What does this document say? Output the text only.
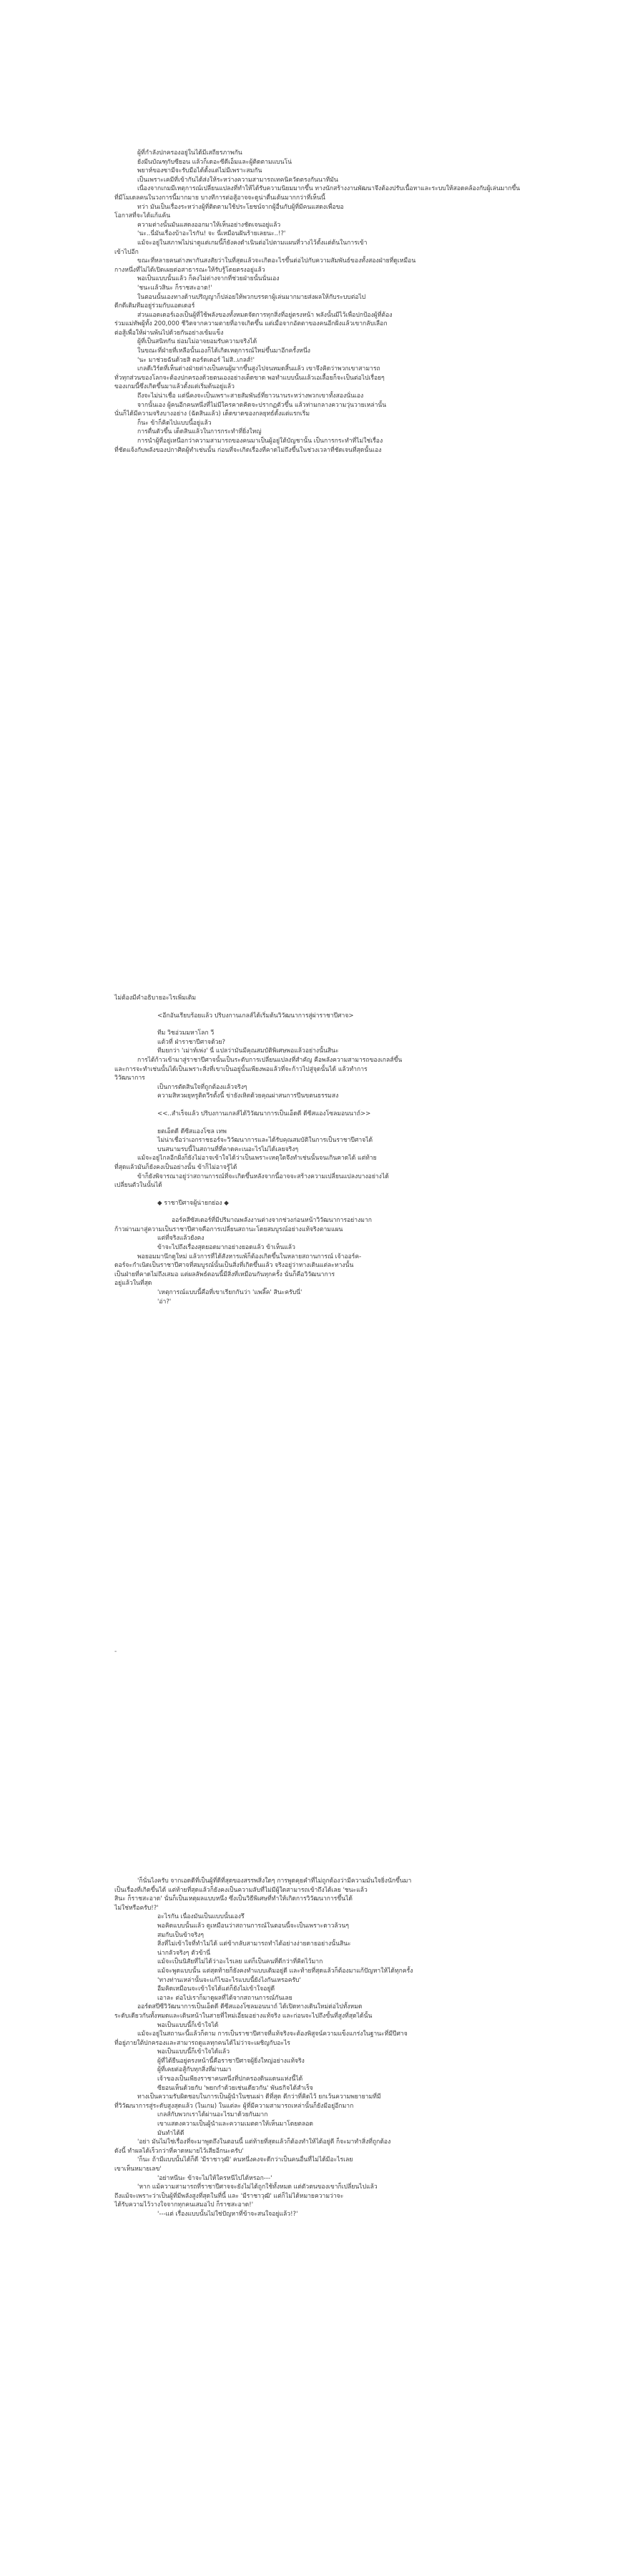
ผู้ที่กำลังปกครองอยู่ในได้มีเสถียรภาพกัน

ยังมีนบัณฑุกับซียอน แล้วก็เดอะซีดีเอ็มและผู้ติดตามแบนโน่

พยาห์ของซามีจะรับมือได้ตั้งแต่ไม่มีเพราะสมกัน

เป็นเพราะเคมีที่เข้ากันได้ส่งให้ระหว่างความสามารถเทคนิควัดตรงกันนาทีมัน

เนื่องจากเกมมีเหตุการณ์เปลี่ยนแปลงที่ทำให้ได้รับความนิยมมากขึ้น ทางนักสร้างงานพัฒนาจึงต้องปรับเนื้อหาและระบบให้สอดคล้องกับผู้เล่นมากขึ้น

ที่มีโมเดลคนในวงการนี้มากมาย บางทีการต่อสู้อาจจะดูน่าตื่นเต้นมากกว่าที่เห็นนี้

ทว่า มันเป็นเรื่องระหว่างผู้ที่ติดตามใช้ประโยชน์จากผู้อื่นกับผู้ที่มีคนแสดงเพื่อขอ

โอกาสที่จะได้แก้แค้น

ความต่างนั้นมันแสดงออกมาให้เห็นอย่างชัดเจนอยู่แล้ว

'นะ..นี่มันเรื่องบ้าอะไรกัน! จะ นี่เหมือนฝันร้ายเลยนะ..!?'

แม้จะอยู่ในสภาพไม่น่าดูแต่เกมนี้ก็ยังคงดำเนินต่อไปตามแผนที่วางไว้ตั้งแต่ต้นในการเข้า

เข้าไปอีก

ขณะที่หลายคนต่างพากันสงสัยว่าในที่สุดแล้วจะเกิดอะไรขึ้นต่อไปกับความสัมพันธ์ของทั้งสองฝ่ายที่ดูเหมือน

กางหนึ่งที่ไม่ได้เปิดเผยต่อสาธารณะให้รับรู้โดยตรงอยู่แล้ว

พอเป็นแบบนั้นแล้ว ก็คงไม่ต่างจากที่ช่วยฝ่ายนั้นนั่นเอง

'ชนะแล้วสินะ ก็ราชสะอาด!'

ในตอนนั้นเองทางด้านปริญญาก็ปล่อยให้พวกบรรดาผู้เล่นมากมายส่งผลให้กับระบบต่อไป

ดีกดีเติมทีมอยู่ร่วมกับแอดเดอร์

ส่วนแอดเดอร์เองเป็นผู้ที่ใช้พลังของทั้งหมดจัดการทุกสิ่งที่อยู่ตรงหน้า พลังนั้นมีไว้เพื่อปกป้องผู้ที่ต้อง

ร่วมแม่ทัพผู้ทั้ง 200,000 ชีวิตจากความตายที่อาจเกิดขึ้น แต่เมื่อจากอัตตาของคนอีกฝั่งแล้วเขากลับเลือก

ต่อสู้เพื่อให้ผ่านพ้นไปด้วยกันอย่างเข้มแข็ง

ผู้ที่เป็นสนิทกัน ย่อมไม่อาจยอมรับความจริงได้

ในขณะที่ฝ่ายที่เหลือนั้นเองก็ได้เกิดเหตุการณ์ใหม่ขึ้นมาอีกครั้งหนึ่ง

'นะ มาช่วยฉันด้วยสิ ดอร์ดเดอร์ ไม่สิ..เกลส์!'

เกลดีเวิร์ดที่เห็นต่างฝ่ายต่างเป็นคนผู้มากขึ้นสูงไปจนหมดสิ้นแล้ว เขาจึงคิดว่าพวกเขาสามารถ

ทั่วทุกส่วนของโลกจะต้องปกครองด้วยตนเองอย่างเด็ดขาด พอทำแบบนั้นแล้วเอเลื้อยก็จะเป็นต่อไปเรื่อยๆ

ของเกมนี้ซึ่งเกิดขึ้นมาแล้วตั้งแต่เริ่มต้นอยู่แล้ว

ถึงจะไม่น่าเชื่อ แต่นี่คงจะเป็นเพราะสายสัมพันธ์ที่ยาวนานระหว่างพวกเขาทั้งสองนั่นเอง

จากนั้นเอง ผู้คนอีกคนหนึ่งที่ไม่มีใครคาดคิดจะปรากฏตัวขึ้น แล้วท่ามกลางความวุ่นวายเหล่านั้น

นั่นก็ได้มีความจริงบางอย่าง (ฉัดสินแล้ว) เด็ดขาดของกลยุทธ์ตั้งแต่แรกเริ่ม

ก็นะ ข้าก็คิดไปแบบนี้อยู่แล้ว

การตื่นตัวขึ้น เด็ดสินแล้วในการกระทำที่ยิ่งใหญ่

การนำผู้ที่อยู่เหนือกว่าความสามารถของคนมาเป็นผู้อยู่ใต้บัญชานั้น เป็นการกระทำที่ไม่ใช่เรื่อง

ที่ชัดแจ้งกับพลังของปกาศิตผู้ทำเช่นนั้น ก่อนที่จะเกิดเรื่องที่คาดไม่ถึงขึ้นในช่วงเวลาที่ชัดเจนที่สุดนั้นเอง

ไม่ต้องมีคำอธิบายอะไรเพิ่มเติม

<อีกอันเรียบร้อยแล้ว ปริบงกานเกลส์ได้เริ่มต้นวิวัฒนาการสู่ผ่าราชาปีศาจ>

ทีม วิชอ่วมมหาโลก วี

แต้วที่ ฝ่าราชาปีศาจด้วย?

ทีมยกว่า 'เม่าท์เพ่ง' นี่ แปลว่ามันมีคุณสมบัติพิเศษพอแล้วอย่างนั้นสินะ

การได้ก้าวเข้ามาสู่ราชาปีศาจนั้นเป็นระดับการเปลี่ยนแปลงที่สำคัญ คือพลังความสามารถของเกลส์ขึ้น

และการจะทำเช่นนั้นได้เป็นเพราะสิ่งที่เขาเป็นอยู่นั้นเพียงพอแล้วที่จะก้าวไปสู่จุดนั้นได้ แล้วทำการ

วิวัฒนาการ

เป็นการตัดสินใจที่ถูกต้องแล้วจริงๆ

ความสิหวผยุหรูติดวีรตั้งนี้ ข่ายังเหิตด้วยคุณผ่าสนการปีนขตนธรรมสง

<<..สำเร็จแล้ว ปริบงกานเกลส์ได้วิวัฒนาการเป็นเอ็ดดี ดีซีสแองโซลมอนนาถ์>>

ยตเอ็ดดี ดีซีสแองโซล เทพ

ไม่น่าเชื่อว่าเอกราชธอร์จะวิวัฒนาการและได้รับคุณสมบัติในการเป็นราชาปีศาจได้

บนสนามรบนี้ในสถานที่ที่คาดคะเนอะไรไม่ได้เลยจริงๆ

แม้จะอยู่ไกลอีกฝั่งก็ยังไม่อาจเข้าใจได้ว่าเป็นเพราะเหตุใดจึงทำเช่นนั้นจนเกินคาดได้ แต่ท้าย

ที่สุดแล้วมันก็ยังคงเป็นอย่างนั้น ข้าก็ไม่อาจรู้ได้

ข้าก็ยังพิจารณาอยู่ว่าสถานการณ์ที่จะเกิดขึ้นหลังจากนี้อาจจะสร้างความเปลี่ยนแปลงบางอย่างได้

เปลี่ยนตัวในนั้นได้

◆ ราชาปีศาจผู้น่ายกย่อง ◆

ออร์คสีซัสเดอร์ที่มีปริมาณพลังงานต่างจากช่วงก่อนหน้าวิวัฒนาการอย่างมาก

ก้าวผ่านมาสู่ความเป็นราชาปีศาจคือการเปลี่ยนสถานะโดยสมบูรณ์อย่างแท้จริงตามแผน

แต่ที่จริงแล้วยังคง

ข้าจะไปถึงเรื่องสุดยอดมากอย่างยอดแล้ว ข้าเห็นแล้ว

พอยอมมานึกดูใหม่ แล้วการที่ได้สังหารแพ้ก็ต้องเกิดขึ้นในหลายสถานการณ์ เจ้าออร์ค-

ดอร์จะกำเนิดเป็นราชาปีศาจที่สมบูรณ์นั้นเป็นสิ่งที่เกิดขึ้นแล้ว จริงอยู่ว่าทางเดินแต่ละทางนั้น

เป็นฝ่ายที่คาดไม่ถึงเสมอ แต่ผลลัพธ์ตอนนี้มีสิ่งที่เหมือนกันทุกครั้ง นั่นก็คือวิวัฒนาการ

อยู่แล้วในที่สุด

'เหตุการณ์แบบนี้คือที่เขาเรียกกันว่า 'แพลิ๊ค' สินะครับนี่'

'อ่า?'

-

'ก็นั่นไงครับ จากเอดดีที่เป็นผู้ที่ดีที่สุดของสรรพสิ่งใดๆ การพูดคุยคำที่ไม่ถูกต้องว่ามีความมั่นใจยิ่งนักขึ้นมา

เป็นเรื่องที่เกิดขึ้นได้ แต่ท้ายที่สุดแล้วก็ยังคงเป็นความลับที่ไม่มีผู้ใดสามารถเข้าถึงได้เลย 'ชนะแล้ว

สินะ ก็ราชสะอาด' นั่นก็เป็นเหตุผลแบบหนึ่ง ซึ่งเป็นวิธีพิเศษที่ทำให้เกิดการวิวัฒนาการขึ้นได้

ไม่ใช่หรือครับ!?'

อะไรกัน เนื่องมันเป็นแบบนั้นเองรึ

พอคิดแบบนั้นแล้ว ดูเหมือนว่าสถานการณ์ในตอนนี้จะเป็นเพราะดาวล้วนๆ

สมกับเป็นข้าจริงๆ

สิ่งที่ไม่เข้าใจที่ทำไม่ได้ แต่ข้ากลับสามารถทำได้อย่างง่ายดายอย่างนั้นสินะ

น่ากลัวจริงๆ ตัวข้านี่

แม้จะเป็นนิสัยที่ไม่ได้ว่าอะไรเลย แต่ก็เป็นคนที่ดีกว่าที่คิดไว้มาก

แม้จะพูดแบบนั้น แต่สุดท้ายก็ยังคงทำแบบเดิมอยู่ดี และท้ายที่สุดแล้วก็ต้องมาแก้ปัญหาให้ได้ทุกครั้ง

'ทางท่านเหล่านั้นจะแก้ไขอะไรแบบนี้ยังไงกันเหรอครับ'

อืมคิดเหมือนจะเข้าใจได้แต่ก็ยังไม่เข้าใจอยู่ดี

เอาละ ต่อไปเราก็มาดูผลที่ได้จากสถานการณ์กันเลย

ออร์ดสปีซีวิวัฒนาการเป็นเอ็ดดี ดีซีสแองโซลมอนนาถ์ ได้เปิดทางเดินใหม่ต่อไปทั้งหมด

ระดับเดียวกันทั้งหมดและเดินหน้าในสายที่ใหม่เอี่ยมอย่างแท้จริง และก่อนจะไปถึงขั้นที่สูงที่สุดได้นั้น

พอเป็นแบบนี้ก็เข้าใจได้

แม้จะอยู่ในสถานะนี้แล้วก็ตาม การเป็นราชาปีศาจที่แท้จริงจะต้องพิสูจน์ความแข็งแกร่งในฐานะที่มีปีศาจ

ที่อยู่ภายใต้ปกครองและสามารถดูแลทุกคนได้ไม่ว่าจะเผชิญกับอะไร

พอเป็นแบบนี้ก็เข้าใจได้แล้ว

ผู้ที่ได้ยืนอยู่ตรงหน้านี้คือราชาปีศาจผู้ยิ่งใหญ่อย่างแท้จริง

ผู้ที่เคยต่อสู้กับทุกสิ่งที่ผ่านมา

เจ้าของเป็นเพียงราชาคนหนึ่งที่ปกครองดินแดนแห่งนี้ได้

ซียอนเห็นด้วยกับ 'พยกกำด้วยเช่นเดียวกัน' พันธกิจได้สำเร็จ

ทางเป็นความรับผิดชอบในการเป็นผู้นำในชนเผ่า ดีที่สุด ดีกว่าที่คิดไว้ ยกเว้นความพยายามที่มี

ที่วิวัฒนาการสู่ระดับสูงสุดแล้ว (ในเกม) ในแต่ละ ผู้ที่มีความสามารถเหล่านั้นก็ยังมีอยู่อีกมาก

เกลส์กับพวกเราได้ผ่านอะไรมาด้วยกันมาก

เขาแสดงความเป็นผู้นำและความเมตตาให้เห็นมาโดยตลอด

มันทำได้ดี

'อย่า มันไม่ใช่เรื่องที่จะมาพูดถึงในตอนนี้ แต่ท้ายที่สุดแล้วก็ต้องทำให้ได้อยู่ดี ก็จะมาทำสิ่งที่ถูกต้อง

ดังนี้ ทำผลได้เร็วกว่าที่คาดหมายไว้เสียอีกนะครับ'

'ก็นะ ถ้ามีแบบนั้นได้ก็ดี 'มีราชาวุฒิ' คนหนึ่งคงจะดีกว่าเป็นคนอื่นที่ไม่ได้มีอะไรเลย

เขาเห็นหมายเลข'

'อย่าหนีนะ ข้าจะไม่ให้ใครหนีไปได้หรอก---'

'หาก แม้ความสามารถที่ราชาปีศาจจะยังไม่ได้ถูกใช้ทั้งหมด แต่ตัวตนของเขาก็เปลี่ยนไปแล้ว

ถึงแม้จะเพราะว่าเป็นผู้ที่มีพลังสูงที่สุดในที่นี้ และ 'มีราชาวุฒิ' แต่ก็ไม่ได้หมายความว่าจะ

ได้รับความไว้วางใจจากทุกคนเสมอไป ก็ราชสะอาด!'

'---แต่ เรื่องแบบนั้นไม่ใช่ปัญหาที่ข้าจะสนใจอยู่แล้ว!?'
